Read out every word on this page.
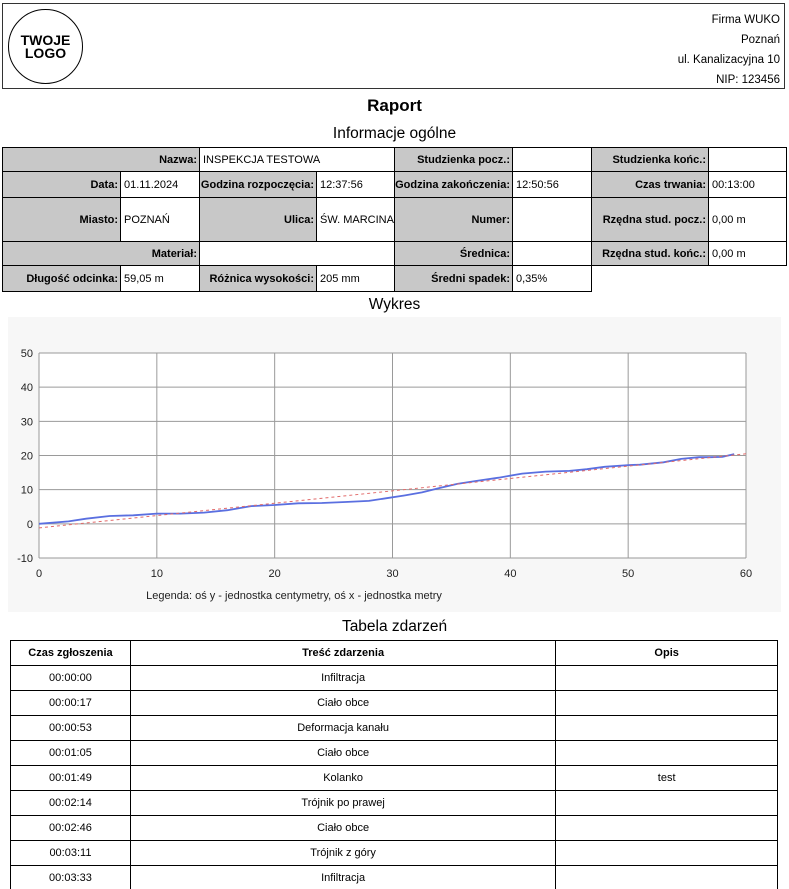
TWOJE
LOGO
Firma WUKO
Poznań
ul. Kanalizacyjna 10
NIP: 123456
Raport
Informacje ogólne
Nazwa: INSPEKCJA TESTOWA	Studzienka pocz.:	Studzienka końc.:
Data: 01.11.2024	Godzina rozpoczęcia: 12:37:56	Godzina zakończenia: 12:50:56	Czas trwania: 00:13:00
Miasto: POZNAŃ	Ulica: ŚW. MARCINA	Numer:	Rzędna stud. pocz.: 0,00 m
Materiał:	Średnica:	Rzędna stud. końc.: 0,00 m
Długość odcinka: 59,05 m	Różnica wysokości: 205 mm	Średni spadek: 0,35%
Wykres
-10
0
10
20
30
40
50
0	10	20	30	40	50	60
Legenda: oś y - jednostka centymetry, oś x - jednostka metry
Tabela zdarzeń
Czas zgłoszenia	Treść zdarzenia	Opis
00:00:00	Infiltracja	
00:00:17	Ciało obce	
00:00:53	Deformacja kanału	
00:01:05	Ciało obce	
00:01:49	Kolanko	test
00:02:14	Trójnik po prawej	
00:02:46	Ciało obce	
00:03:11	Trójnik z góry	
00:03:33	Infiltracja	
